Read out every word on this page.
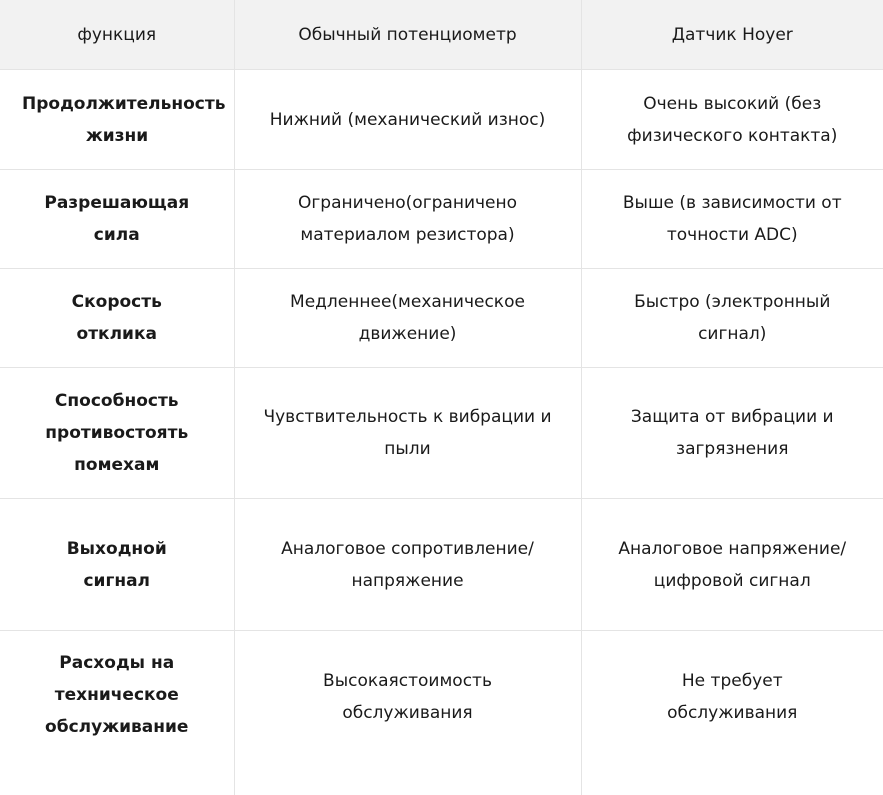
функция	Обычный потенциометр	Датчик Hoyer
Продолжительность жизни	Нижний (механический износ)	Очень высокий (без физического контакта)
Разрешающая сила	Ограничено(ограничено материалом резистора)	Выше (в зависимости от точности ADC)
Скорость отклика	Медленнее(механическое движение)	Быстро (электронный сигнал)
Способность противостоять помехам	Чувствительность к вибрации и пыли	Защита от вибрации и загрязнения
Выходной сигнал	Аналоговое сопротивление/напряжение	Аналоговое напряжение/цифровой сигнал
Расходы на техническое обслуживание	Высокаястоимость обслуживания	Не требует обслуживания
